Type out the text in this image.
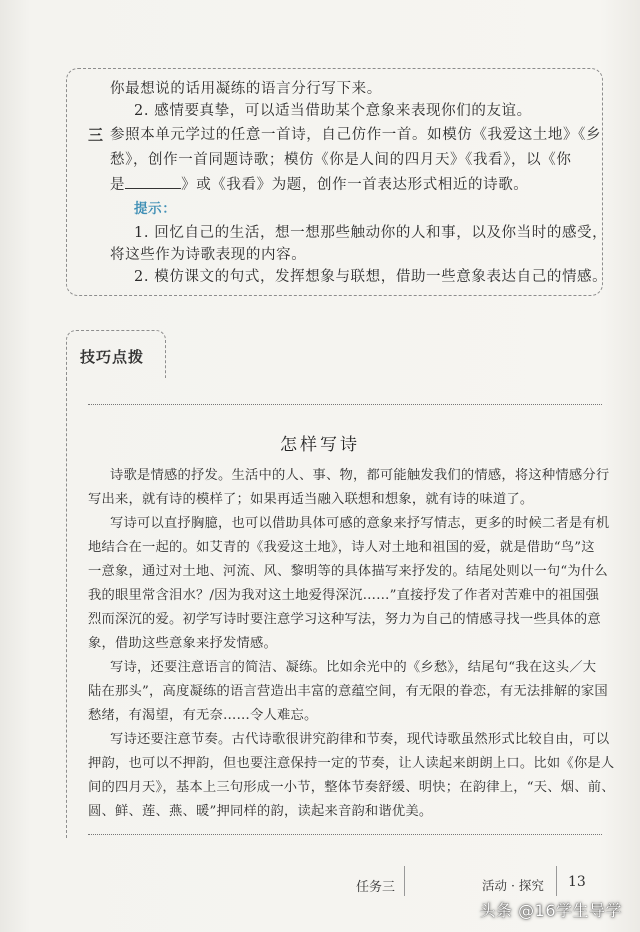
你最想说的话用凝练的语言分行写下来。
2. 感情要真挚，可以适当借助某个意象来表现你们的友谊。
三 参照本单元学过的任意一首诗，自己仿作一首。如模仿《我爱这土地》《乡
愁》，创作一首同题诗歌；模仿《你是人间的四月天》《我看》，以《你
是	》或《我看》为题，创作一首表达形式相近的诗歌。
提示：
1. 回忆自己的生活，想一想那些触动你的人和事，以及你当时的感受，
将这些作为诗歌表现的内容。
2. 模仿课文的句式，发挥想象与联想，借助一些意象表达自己的情感。
技巧点拨
怎样写诗
诗歌是情感的抒发。生活中的人、事、物，都可能触发我们的情感，将这种情感分行
写出来，就有诗的模样了；如果再适当融入联想和想象，就有诗的味道了。
写诗可以直抒胸臆，也可以借助具体可感的意象来抒写情志，更多的时候二者是有机
地结合在一起的。如艾青的《我爱这土地》，诗人对土地和祖国的爱，就是借助“鸟”这
一意象，通过对土地、河流、风、黎明等的具体描写来抒发的。结尾处则以一句“为什么
我的眼里常含泪水？/因为我对这土地爱得深沉……”直接抒发了作者对苦难中的祖国强
烈而深沉的爱。初学写诗时要注意学习这种写法，努力为自己的情感寻找一些具体的意
象，借助这些意象来抒发情感。
写诗，还要注意语言的简洁、凝练。比如余光中的《乡愁》，结尾句“我在这头／大
陆在那头”，高度凝练的语言营造出丰富的意蕴空间，有无限的眷恋，有无法排解的家国
愁绪，有渴望，有无奈……令人难忘。
写诗还要注意节奏。古代诗歌很讲究韵律和节奏，现代诗歌虽然形式比较自由，可以
押韵，也可以不押韵，但也要注意保持一定的节奏，让人读起来朗朗上口。比如《你是人
间的四月天》，基本上三句形成一小节，整体节奏舒缓、明快；在韵律上，“天、烟、前、
圆、鲜、莲、燕、暖”押同样的韵，读起来音韵和谐优美。
任务三	活动 · 探究 13
头条 @16学生导学
